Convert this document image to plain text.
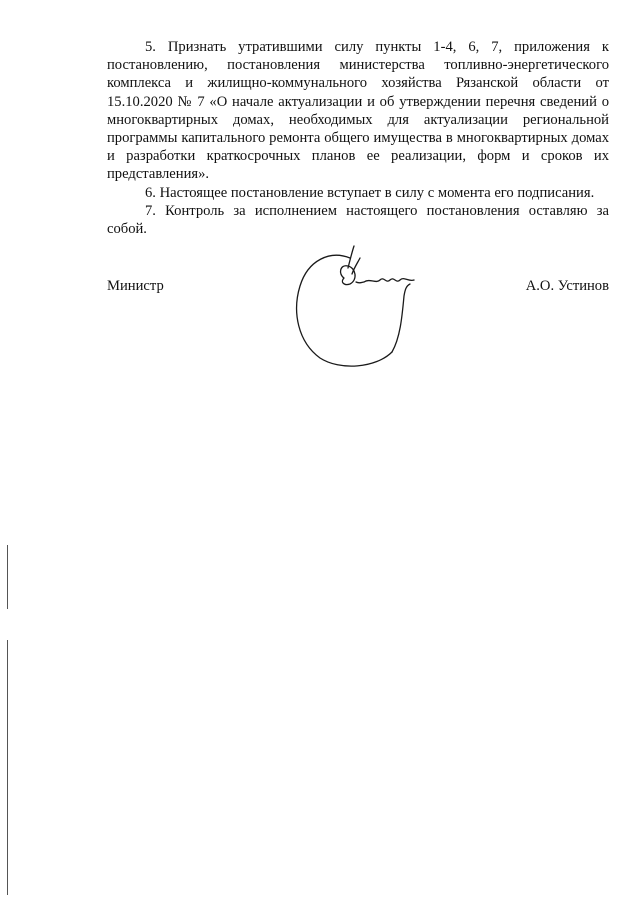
5. Признать утратившими силу пункты 1-4, 6, 7, приложения к постановлению, постановления министерства топливно-энергетического комплекса и жилищно-коммунального хозяйства Рязанской области от 15.10.2020 № 7 «О начале актуализации и об утверждении перечня сведений о многоквартирных домах, необходимых для актуализации региональной программы капитального ремонта общего имущества в многоквартирных домах и разработки краткосрочных планов ее реализации, форм и сроков их представления».

6. Настоящее постановление вступает в силу с момента его подписания.

7. Контроль за исполнением настоящего постановления оставляю за собой.

Министр	А.О. Устинов
